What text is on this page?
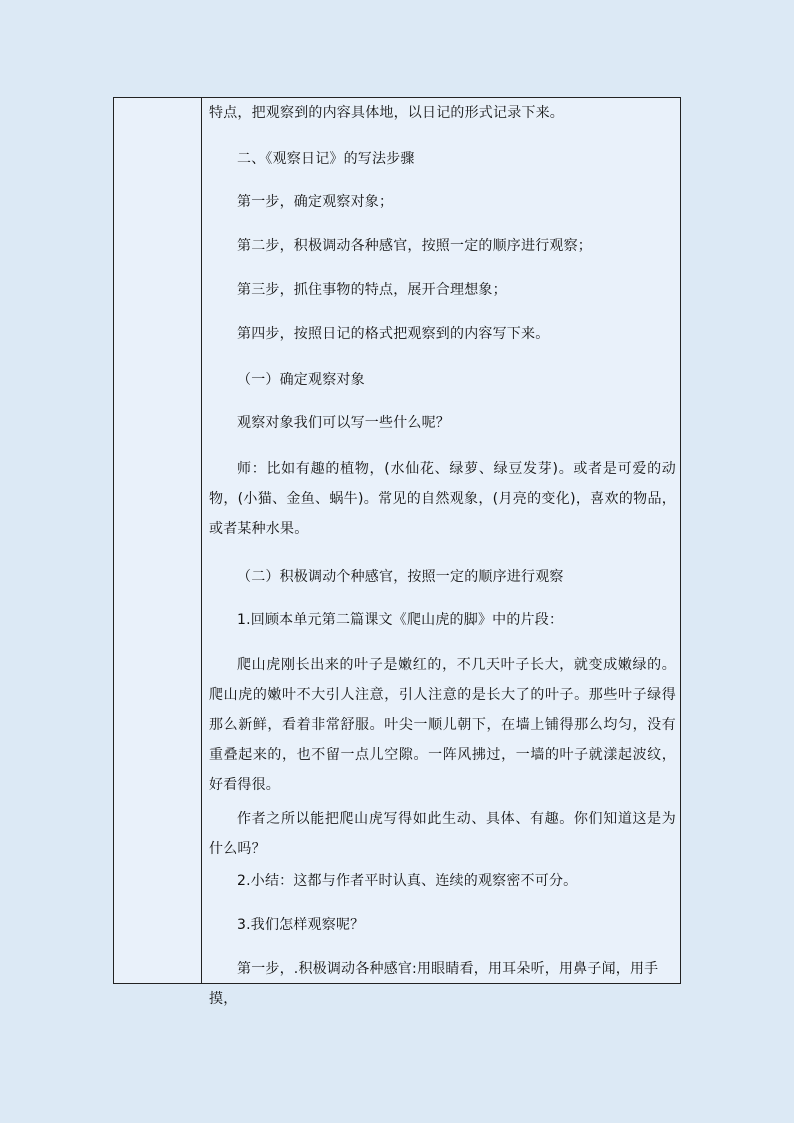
特点，把观察到的内容具体地，以日记的形式记录下来。

二、《观察日记》的写法步骤

第一步，确定观察对象；

第二步，积极调动各种感官，按照一定的顺序进行观察；

第三步，抓住事物的特点，展开合理想象；

第四步，按照日记的格式把观察到的内容写下来。

（一）确定观察对象

观察对象我们可以写一些什么呢？

师：比如有趣的植物，(水仙花、绿萝、绿豆发芽)。或者是可爱的动物，(小猫、金鱼、蜗牛)。常见的自然观象，(月亮的变化)，喜欢的物品，或者某种水果。

（二）积极调动个种感官，按照一定的顺序进行观察

1.回顾本单元第二篇课文《爬山虎的脚》中的片段：

爬山虎刚长出来的叶子是嫩红的，不几天叶子长大，就变成嫩绿的。爬山虎的嫩叶不大引人注意，引人注意的是长大了的叶子。那些叶子绿得那么新鲜，看着非常舒服。叶尖一顺儿朝下，在墙上铺得那么均匀，没有重叠起来的，也不留一点儿空隙。一阵风拂过，一墙的叶子就漾起波纹，好看得很。

作者之所以能把爬山虎写得如此生动、具体、有趣。你们知道这是为什么吗？

2.小结：这都与作者平时认真、连续的观察密不可分。

3.我们怎样观察呢？

第一步，.积极调动各种感官:用眼睛看，用耳朵听，用鼻子闻，用手摸，
